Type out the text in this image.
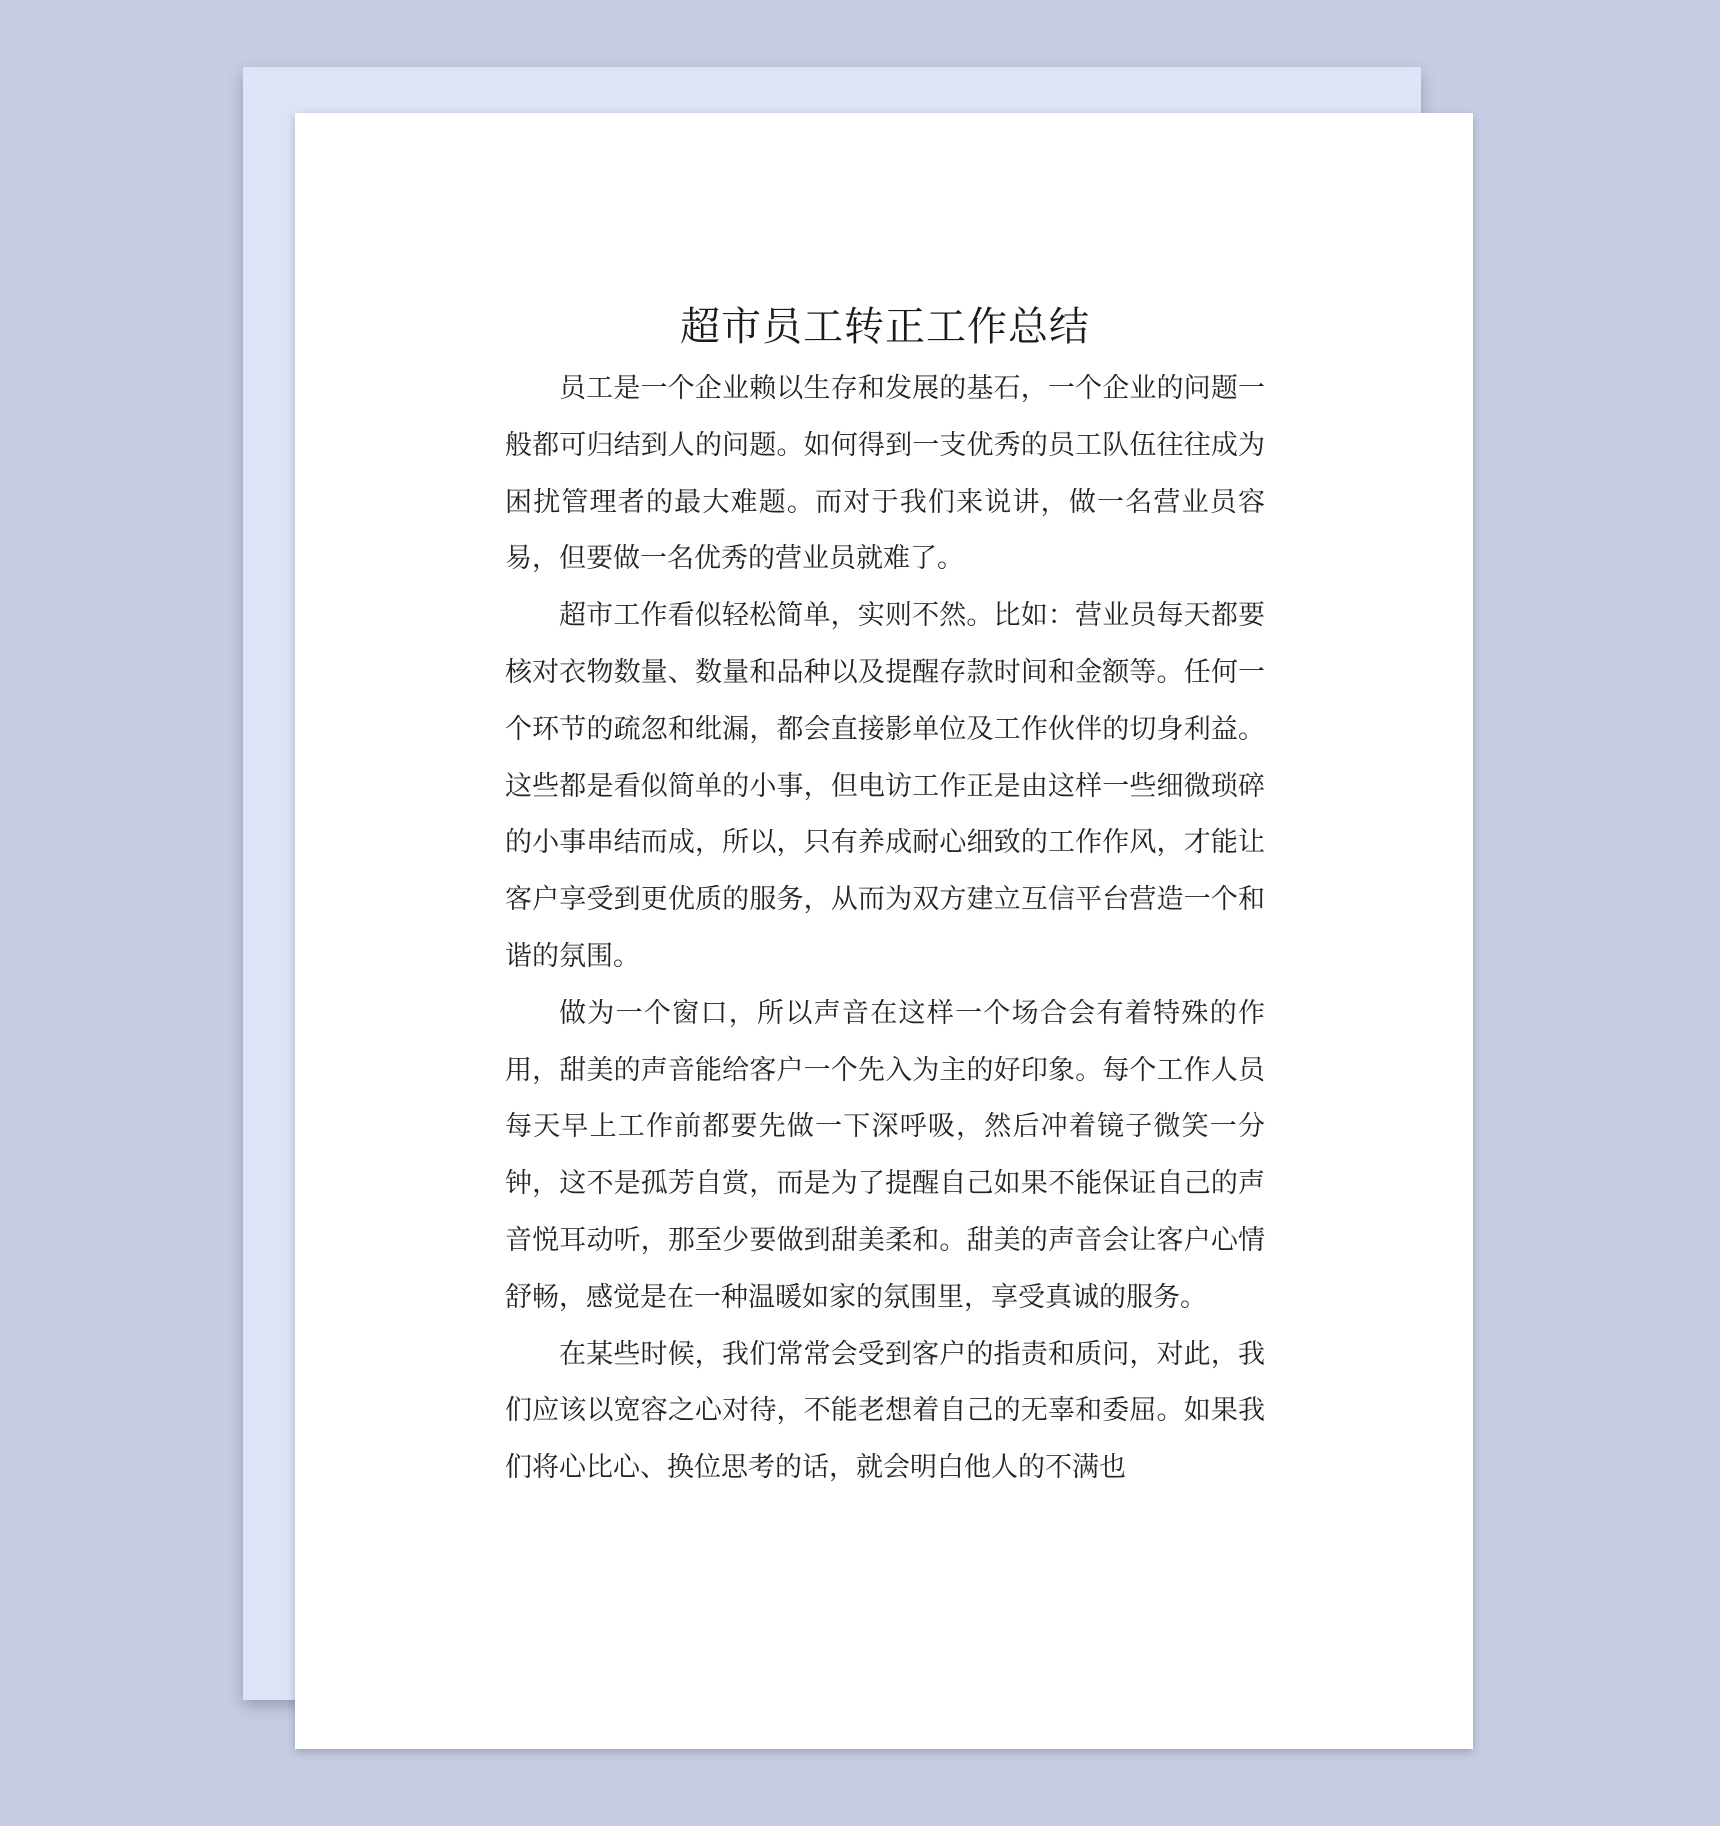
超市员工转正工作总结

员工是一个企业赖以生存和发展的基石，一个企业的问题一般都可归结到人的问题。如何得到一支优秀的员工队伍往往成为困扰管理者的最大难题。而对于我们来说讲，做一名营业员容易，但要做一名优秀的营业员就难了。

超市工作看似轻松简单，实则不然。比如：营业员每天都要核对衣物数量、数量和品种以及提醒存款时间和金额等。任何一个环节的疏忽和纰漏，都会直接影单位及工作伙伴的切身利益。这些都是看似简单的小事，但电访工作正是由这样一些细微琐碎的小事串结而成，所以，只有养成耐心细致的工作作风，才能让客户享受到更优质的服务，从而为双方建立互信平台营造一个和谐的氛围。

做为一个窗口，所以声音在这样一个场合会有着特殊的作用，甜美的声音能给客户一个先入为主的好印象。每个工作人员每天早上工作前都要先做一下深呼吸，然后冲着镜子微笑一分钟，这不是孤芳自赏，而是为了提醒自己如果不能保证自己的声音悦耳动听，那至少要做到甜美柔和。甜美的声音会让客户心情舒畅，感觉是在一种温暖如家的氛围里，享受真诚的服务。

在某些时候，我们常常会受到客户的指责和质问，对此，我们应该以宽容之心对待，不能老想着自己的无辜和委屈。如果我们将心比心、换位思考的话，就会明白他人的不满也
